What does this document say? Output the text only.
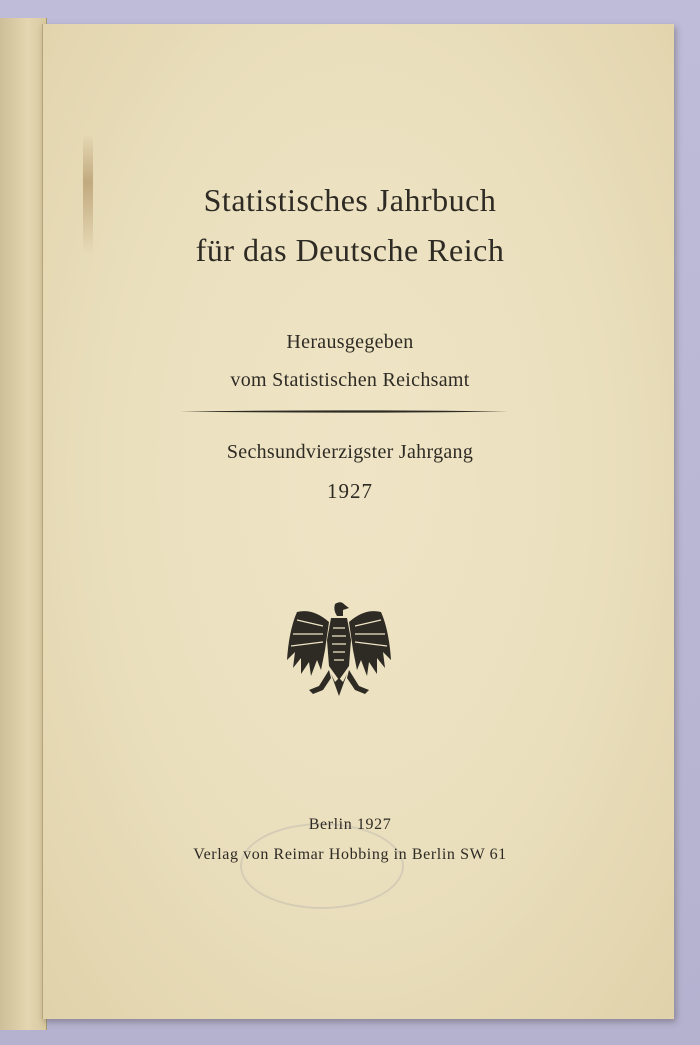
Statistisches Jahrbuch
für das Deutsche Reich
Herausgegeben
vom Statistischen Reichsamt
Sechsundvierzigster Jahrgang
1927
Berlin 1927
Verlag von Reimar Hobbing in Berlin SW 61
